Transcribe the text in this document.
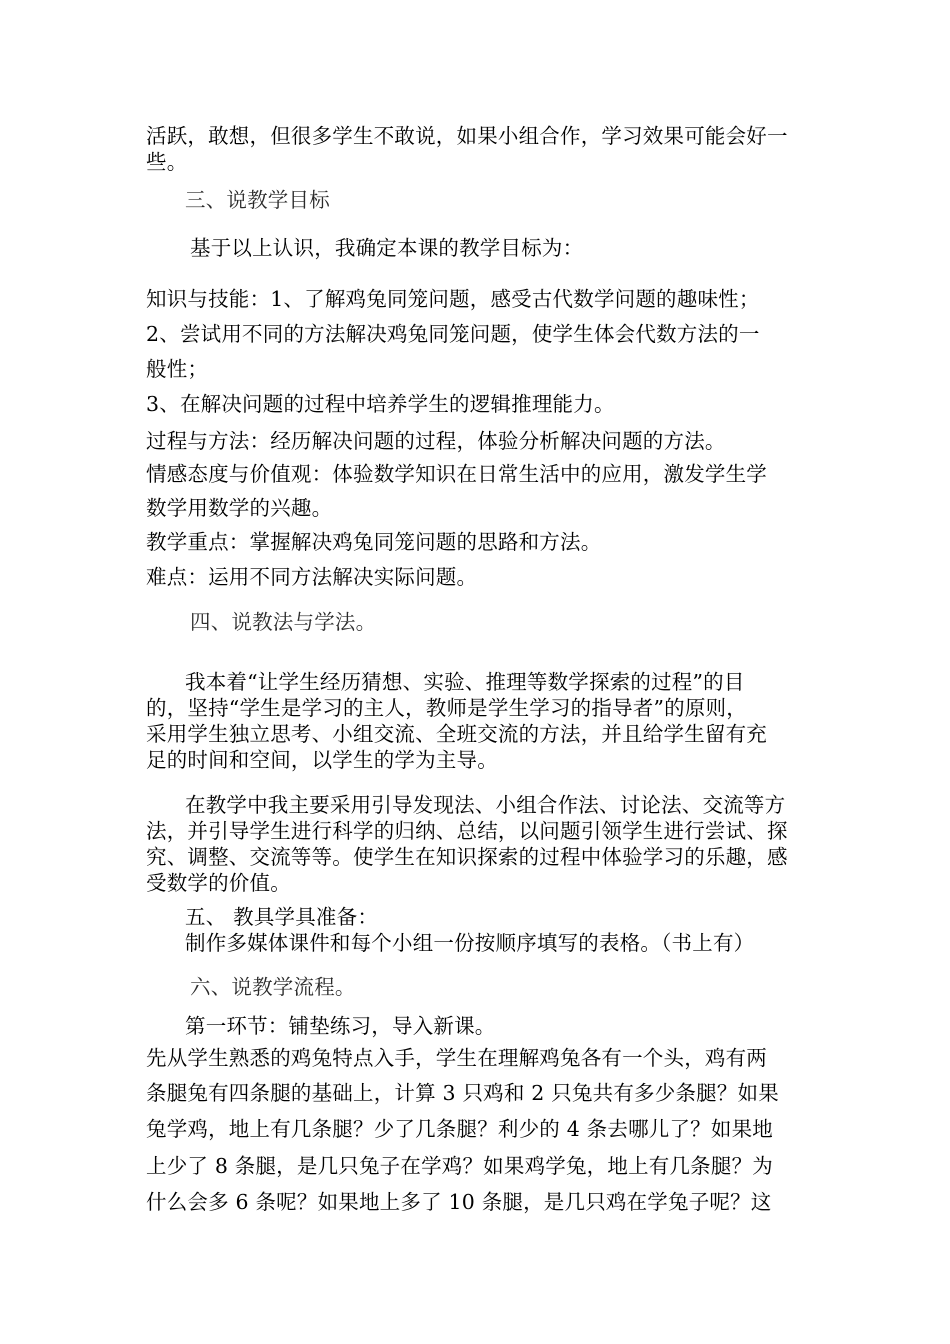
活跃，敢想，但很多学生不敢说，如果小组合作，学习效果可能会好一

些。

三、说教学目标

基于以上认识，我确定本课的教学目标为：

知识与技能：1、了解鸡兔同笼问题，感受古代数学问题的趣味性；

2、尝试用不同的方法解决鸡兔同笼问题，使学生体会代数方法的一

般性；

3、在解决问题的过程中培养学生的逻辑推理能力。

过程与方法：经历解决问题的过程，体验分析解决问题的方法。

情感态度与价值观：体验数学知识在日常生活中的应用，激发学生学

数学用数学的兴趣。

教学重点：掌握解决鸡兔同笼问题的思路和方法。

难点：运用不同方法解决实际问题。

四、说教法与学法。

我本着“让学生经历猜想、实验、推理等数学探索的过程”的目

的，坚持“学生是学习的主人，教师是学生学习的指导者”的原则，

采用学生独立思考、小组交流、全班交流的方法，并且给学生留有充

足的时间和空间，以学生的学为主导。

在教学中我主要采用引导发现法、小组合作法、讨论法、交流等方

法，并引导学生进行科学的归纳、总结，以问题引领学生进行尝试、探

究、调整、交流等等。使学生在知识探索的过程中体验学习的乐趣，感

受数学的价值。

五、 教具学具准备：

制作多媒体课件和每个小组一份按顺序填写的表格。（书上有）

六、说教学流程。

第一环节：铺垫练习，导入新课。

先从学生熟悉的鸡兔特点入手，学生在理解鸡兔各有一个头，鸡有两

条腿兔有四条腿的基础上，计算 3 只鸡和 2 只兔共有多少条腿？如果

兔学鸡，地上有几条腿？少了几条腿？利少的 4 条去哪儿了？如果地

上少了 8 条腿，是几只兔子在学鸡？如果鸡学兔，地上有几条腿？为

什么会多 6 条呢？如果地上多了 10 条腿，是几只鸡在学兔子呢？这
